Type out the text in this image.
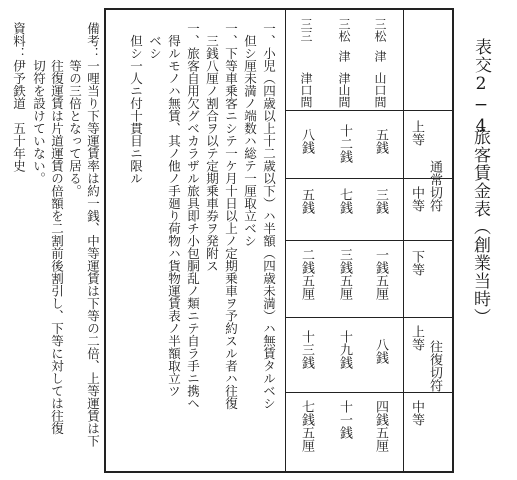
表交2−4
旅客賃金表（創業当時）
通常切符
往復切符
上等
中等
下等
上等
中等
三松
津
山口間
三松
津
津山間
三三
津口間
五銭
三銭
一銭五厘
八銭
四銭五厘
十二銭
七銭
三銭五厘
十九銭
十一銭
八銭
五銭
二銭五厘
十三銭
七銭五厘
一、小児（四歳以上十二歳以下）ハ半額（四歳未満）ハ無賃タルベシ
　但シ厘未満ノ端数ハ総テ一厘取立ベシ
一、下等車乗客ニシテ一ケ月十日以上ノ定期乗車ヲ予約スル者ハ往復
　三銭八厘ノ割合ヲ以テ定期乗車券ヲ発附ス
一、旅客自用欠グベカラザル旅具即チ小包胴乱ノ類ニテ自ラ手ニ携ヘ
　得ルモノハ無賃、其ノ他ノ手廻り荷物ハ貨物運賃表ノ半額取立ツ
　ベシ
　但シ一人ニ付十貫目ニ限ル
備考：一哩当り下等運賃率は約一銭、中等運賃は下等の二倍、上等運賃は下
　　　等の三倍となって居る。
　　　往復運賃は片道運賃の倍額を二割前後割引し、下等に対しては往復
　　　切符を設けていない。
資料：伊予鉄道　五十年史
